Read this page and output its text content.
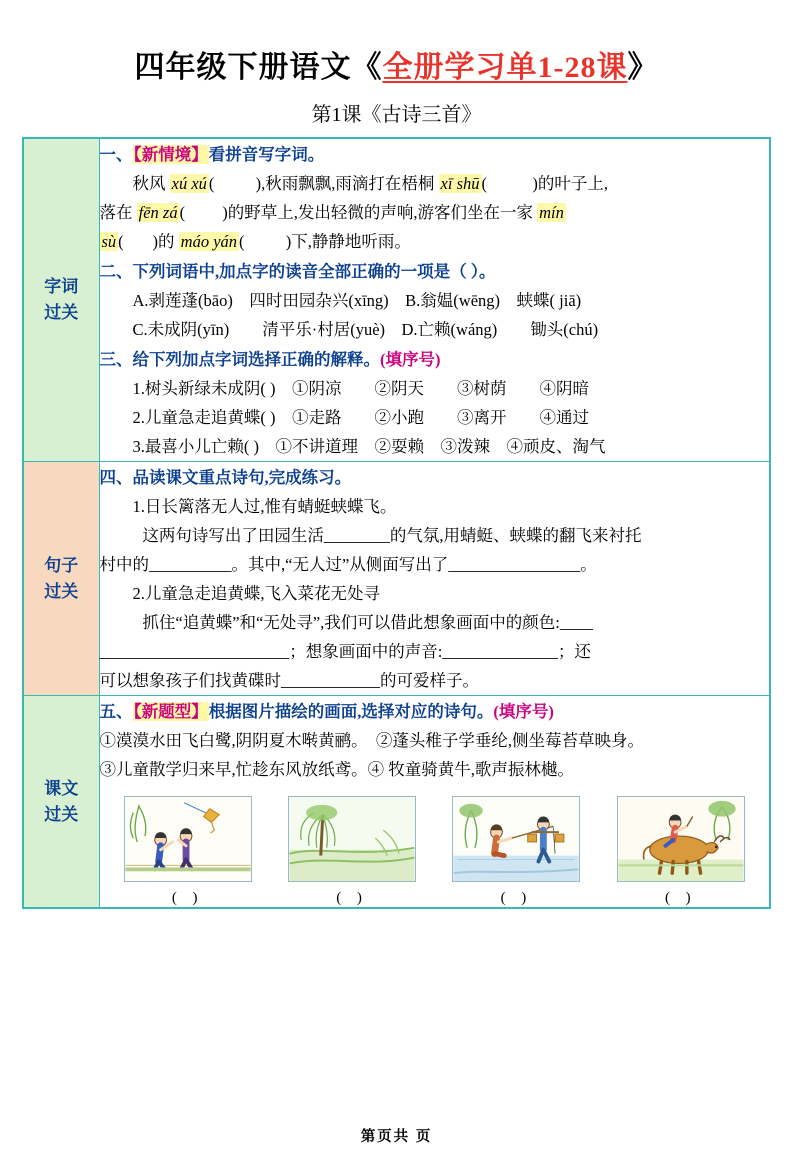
四年级下册语文《全册学习单1-28课》
第1课《古诗三首》
字词
过关

一、【新情境】看拼音写字词。
秋风 xú xú (          ),秋雨飘飘,雨滴打在梧桐 xī shū (           )的叶子上,
落在 fēn zá (         )的野草上,发出轻微的声响,游客们坐在一家 mín
sù (       )的 máo yán (          )下,静静地听雨。
二、下列词语中,加点字的读音全部正确的一项是（ ）。
A.剥莲蓬(bāo)　四时田园杂兴(xīng)　B.翁媪(wēng)　蛱蝶( jiā)
C.未成阴(yīn)　　清平乐·村居(yuè)　D.亡赖(wáng)　　锄头(chú)
三、给下列加点字词选择正确的解释。(填序号)
1.树头新绿未成阴( )　①阴凉　　②阴天　　③树荫　　④阴暗
2.儿童急走追黄蝶( )　①走路　　②小跑　　③离开　　④通过
3.最喜小儿亡赖( )　①不讲道理　②耍赖　③泼辣　④顽皮、淘气

句子
过关

四、品读课文重点诗句,完成练习。
1.日长篱落无人过,惟有蜻蜓蛱蝶飞。
这两句诗写出了田园生活________的气氛,用蜻蜓、蛱蝶的翻飞来衬托
村中的__________。其中,“无人过”从侧面写出了________________。
2.儿童急走追黄蝶,飞入菜花无处寻
抓住“追黄蝶”和“无处寻”,我们可以借此想象画面中的颜色:____
_______________________；想象画面中的声音:______________；还
可以想象孩子们找黄碟时____________的可爱样子。

课文
过关

五、【新题型】根据图片描绘的画面,选择对应的诗句。(填序号)
①漠漠水田飞白鹭,阴阴夏木啭黄鹂。　②蓬头稚子学垂纶,侧坐莓苔草映身。
③儿童散学归来早,忙趁东风放纸鸢。④ 牧童骑黄牛,歌声振林樾。
( )	( )	( )	( )
第页共 页
